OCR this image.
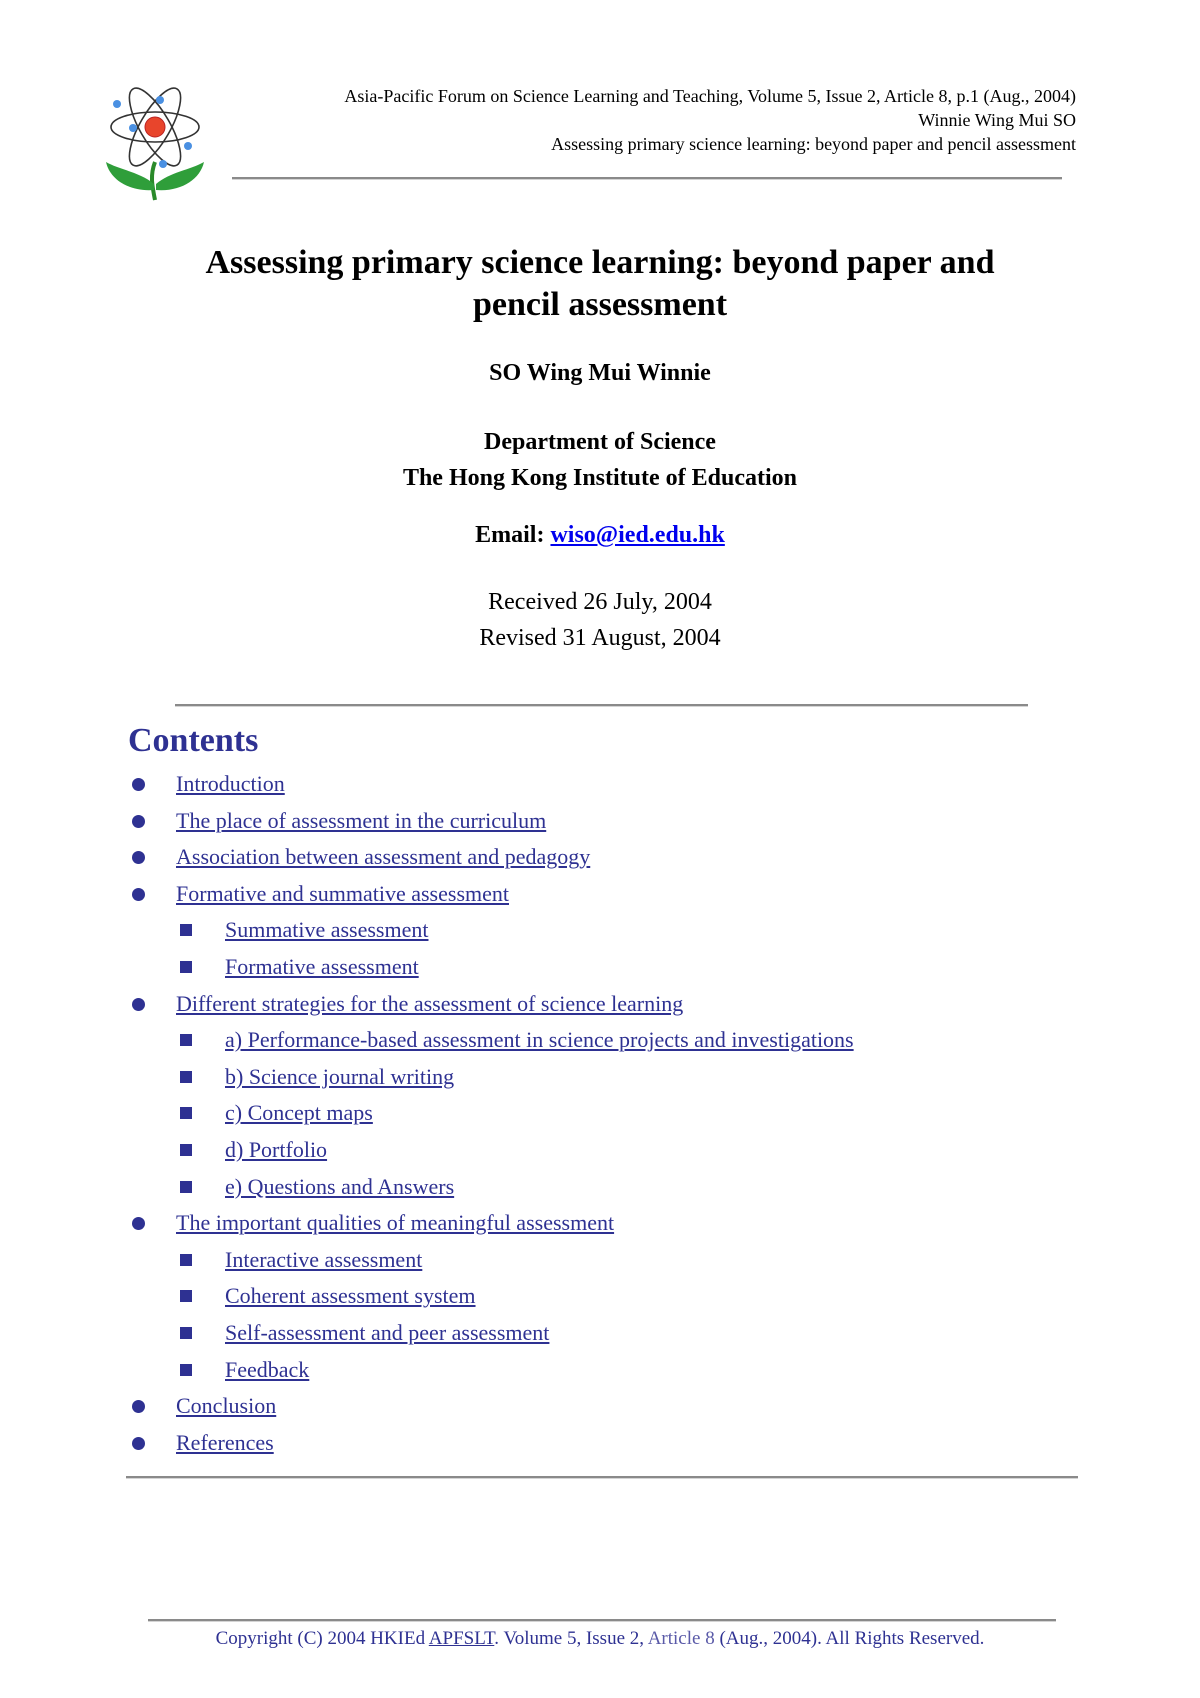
Asia-Pacific Forum on Science Learning and Teaching, Volume 5, Issue 2, Article 8, p.1 (Aug., 2004)
Winnie Wing Mui SO
Assessing primary science learning: beyond paper and pencil assessment
Assessing primary science learning: beyond paper and
pencil assessment
SO Wing Mui Winnie
Department of Science
The Hong Kong Institute of Education
Email: wiso@ied.edu.hk
Received 26 July, 2004
Revised 31 August, 2004
Contents
Introduction
The place of assessment in the curriculum
Association between assessment and pedagogy
Formative and summative assessment
Summative assessment
Formative assessment
Different strategies for the assessment of science learning
a) Performance-based assessment in science projects and investigations
b) Science journal writing
c) Concept maps
d) Portfolio
e) Questions and Answers
The important qualities of meaningful assessment
Interactive assessment
Coherent assessment system
Self-assessment and peer assessment
Feedback
Conclusion
References
Copyright (C) 2004 HKIEd APFSLT. Volume 5, Issue 2, Article 8 (Aug., 2004). All Rights Reserved.
